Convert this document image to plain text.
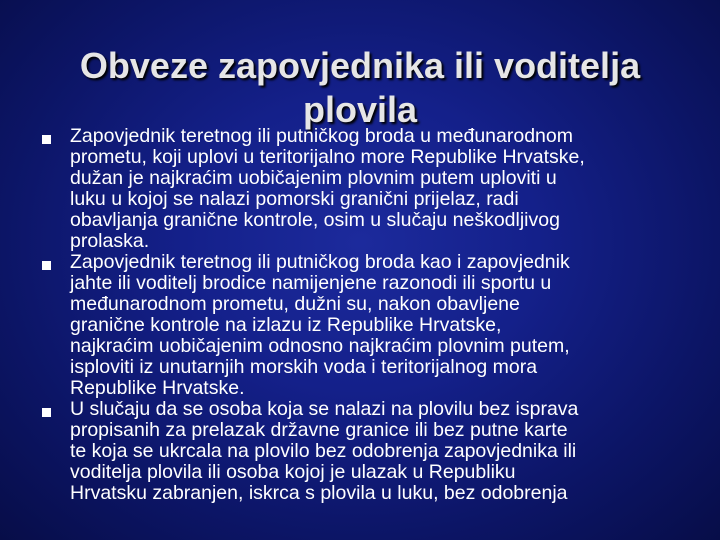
Obveze zapovjednika ili voditelja
plovila
Zapovjednik teretnog ili putničkog broda u međunarodnom
prometu, koji uplovi u teritorijalno more Republike Hrvatske,
dužan je najkraćim uobičajenim plovnim putem uploviti u
luku u kojoj se nalazi pomorski granični prijelaz, radi
obavljanja granične kontrole, osim u slučaju neškodljivog
prolaska.
Zapovjednik teretnog ili putničkog broda kao i zapovjednik
jahte ili voditelj brodice namijenjene razonodi ili sportu u
međunarodnom prometu, dužni su, nakon obavljene
granične kontrole na izlazu iz Republike Hrvatske,
najkraćim uobičajenim odnosno najkraćim plovnim putem,
isploviti iz unutarnjih morskih voda i teritorijalnog mora
Republike Hrvatske.
U slučaju da se osoba koja se nalazi na plovilu bez isprava
propisanih za prelazak državne granice ili bez putne karte
te koja se ukrcala na plovilo bez odobrenja zapovjednika ili
voditelja plovila ili osoba kojoj je ulazak u Republiku
Hrvatsku zabranjen, iskrca s plovila u luku, bez odobrenja
